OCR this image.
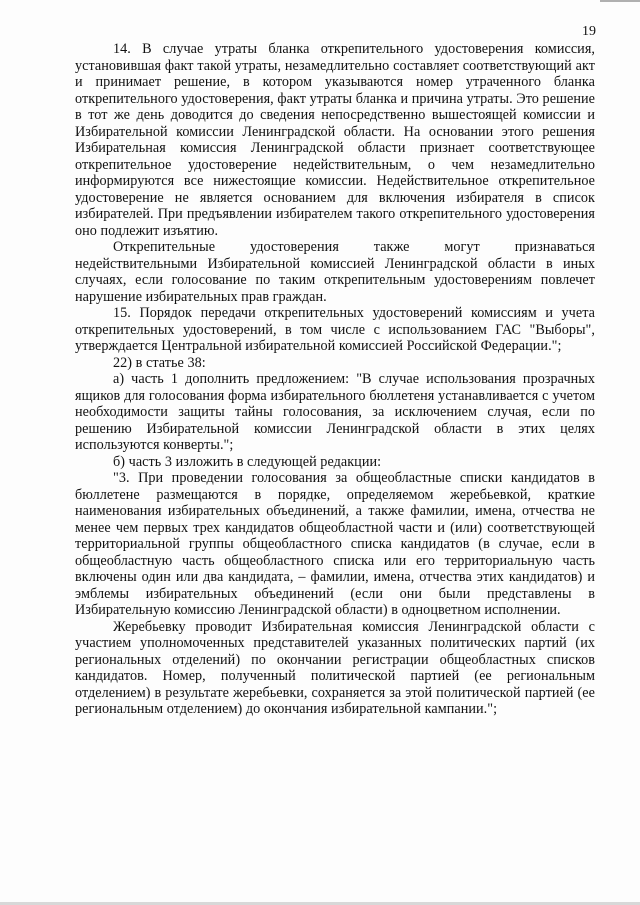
19

14. В случае утраты бланка открепительного удостоверения комиссия, установившая факт такой утраты, незамедлительно составляет соответствующий акт и принимает решение, в котором указываются номер утраченного бланка открепительного удостоверения, факт утраты бланка и причина утраты. Это решение в тот же день доводится до сведения непосредственно вышестоящей комиссии и Избирательной комиссии Ленинградской области. На основании этого решения Избирательная комиссия Ленинградской области признает соответствующее открепительное удостоверение недействительным, о чем незамедлительно информируются все нижестоящие комиссии. Недействительное открепительное удостоверение не является основанием для включения избирателя в список избирателей. При предъявлении избирателем такого открепительного удостоверения оно подлежит изъятию.

Открепительные удостоверения также могут признаваться недействительными Избирательной комиссией Ленинградской области в иных случаях, если голосование по таким открепительным удостоверениям повлечет нарушение избирательных прав граждан.

15. Порядок передачи открепительных удостоверений комиссиям и учета открепительных удостоверений, в том числе с использованием ГАС "Выборы", утверждается Центральной избирательной комиссией Российской Федерации.";

22) в статье 38:

а) часть 1 дополнить предложением: "В случае использования прозрачных ящиков для голосования форма избирательного бюллетеня устанавливается с учетом необходимости защиты тайны голосования, за исключением случая, если по решению Избирательной комиссии Ленинградской области в этих целях используются конверты.";

б) часть 3 изложить в следующей редакции:

"3. При проведении голосования за общеобластные списки кандидатов в бюллетене размещаются в порядке, определяемом жеребьевкой, краткие наименования избирательных объединений, а также фамилии, имена, отчества не менее чем первых трех кандидатов общеобластной части и (или) соответствующей территориальной группы общеобластного списка кандидатов (в случае, если в общеобластную часть общеобластного списка или его территориальную часть включены один или два кандидата, – фамилии, имена, отчества этих кандидатов) и эмблемы избирательных объединений (если они были представлены в Избирательную комиссию Ленинградской области) в одноцветном исполнении.

Жеребьевку проводит Избирательная комиссия Ленинградской области с участием уполномоченных представителей указанных политических партий (их региональных отделений) по окончании регистрации общеобластных списков кандидатов. Номер, полученный политической партией (ее региональным отделением) в результате жеребьевки, сохраняется за этой политической партией (ее региональным отделением) до окончания избирательной кампании.";
